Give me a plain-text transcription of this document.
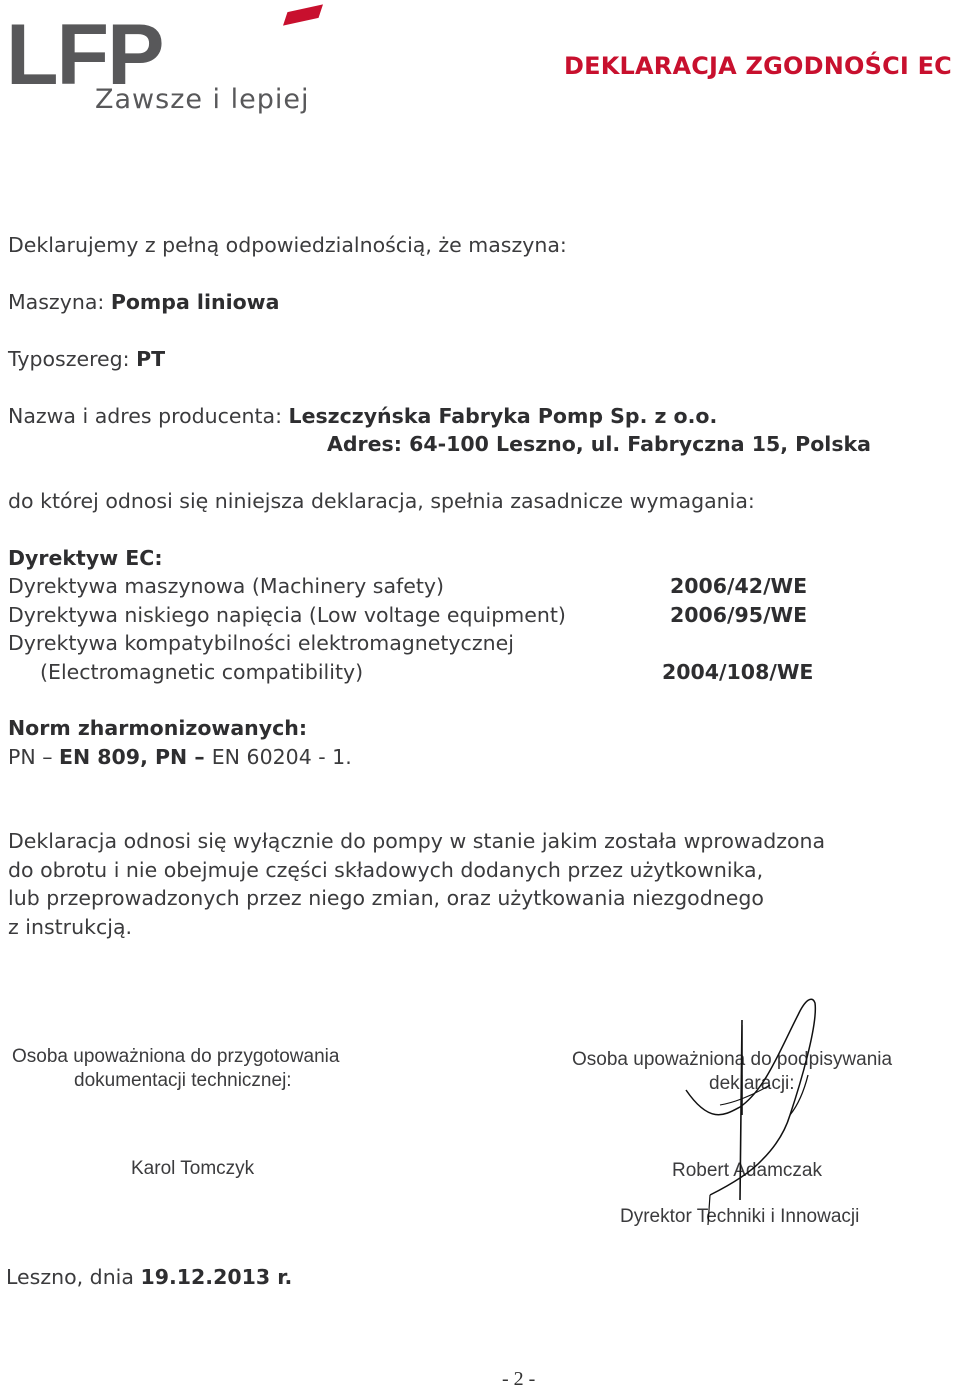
LFP
Zawsze i lepiej
DEKLARACJA ZGODNOŚCI EC
Deklarujemy z pełną odpowiedzialnością, że maszyna:
Maszyna: Pompa liniowa
Typoszereg: PT
Nazwa i adres producenta: Leszczyńska Fabryka Pomp Sp. z o.o.
Adres: 64-100 Leszno, ul. Fabryczna 15, Polska
do której odnosi się niniejsza deklaracja, spełnia zasadnicze wymagania:
Dyrektyw EC:
Dyrektywa maszynowa (Machinery safety)	2006/42/WE
Dyrektywa niskiego napięcia (Low voltage equipment)	2006/95/WE
Dyrektywa kompatybilności elektromagnetycznej
(Electromagnetic compatibility)	2004/108/WE
Norm zharmonizowanych:
PN – EN 809, PN – EN 60204 - 1.
Deklaracja odnosi się wyłącznie do pompy w stanie jakim została wprowadzona
do obrotu i nie obejmuje części składowych dodanych przez użytkownika,
lub przeprowadzonych przez niego zmian, oraz użytkowania niezgodnego
z instrukcją.
Osoba upoważniona do przygotowania
dokumentacji technicznej:
Karol Tomczyk
Osoba upoważniona do podpisywania
deklaracji:
Robert Adamczak
Dyrektor Techniki i Innowacji
Leszno, dnia 19.12.2013 r.
- 2 -
